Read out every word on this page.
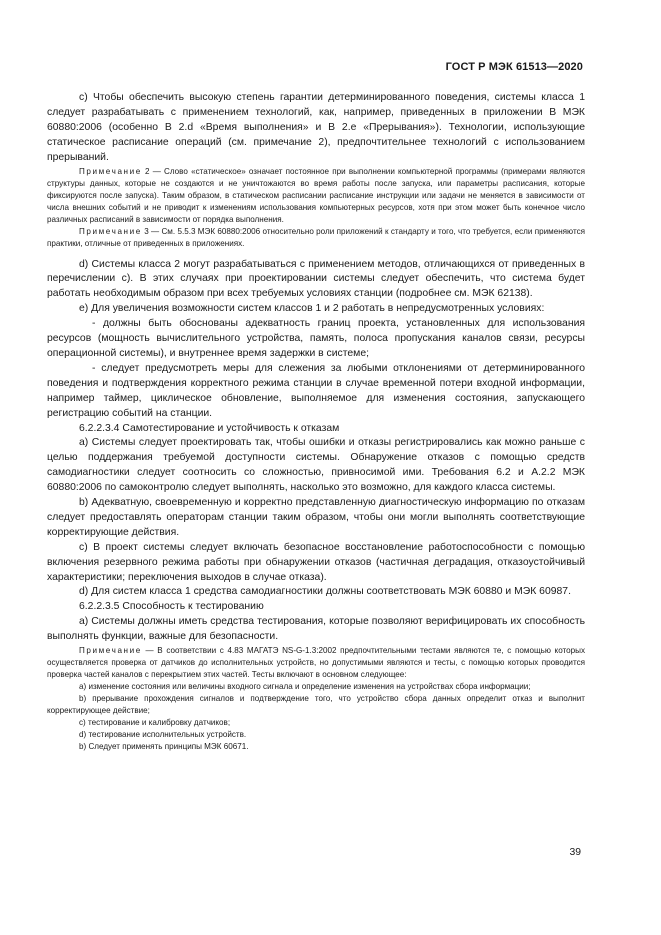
ГОСТ Р МЭК 61513—2020

c) Чтобы обеспечить высокую степень гарантии детерминированного поведения, системы класса 1 следует разрабатывать с применением технологий, как, например, приведенных в приложении В МЭК 60880:2006 (особенно В 2.d «Время выполнения» и В 2.e «Прерывания»). Технологии, использующие статическое расписание операций (см. примечание 2), предпочтительнее технологий с использованием прерываний.

Примечание 2 — Слово «статическое» означает постоянное при выполнении компьютерной программы (примерами являются структуры данных, которые не создаются и не уничтожаются во время работы после запуска, или параметры расписания, которые фиксируются после запуска). Таким образом, в статическом расписании расписание инструкции или задачи не меняется в зависимости от числа внешних событий и не приводит к изменениям использования компьютерных ресурсов, хотя при этом может быть конечное число различных расписаний в зависимости от порядка выполнения.

Примечание 3 — См. 5.5.3 МЭК 60880:2006 относительно роли приложений к стандарту и того, что требуется, если применяются практики, отличные от приведенных в приложениях.

d) Системы класса 2 могут разрабатываться с применением методов, отличающихся от приведенных в перечислении с). В этих случаях при проектировании системы следует обеспечить, что система будет работать необходимым образом при всех требуемых условиях станции (подробнее см. МЭК 62138).

е) Для увеличения возможности систем классов 1 и 2 работать в непредусмотренных условиях:

- должны быть обоснованы адекватность границ проекта, установленных для использования ресурсов (мощность вычислительного устройства, память, полоса пропускания каналов связи, ресурсы операционной системы), и внутреннее время задержки в системе;

- следует предусмотреть меры для слежения за любыми отклонениями от детерминированного поведения и подтверждения корректного режима станции в случае временной потери входной информации, например таймер, циклическое обновление, выполняемое для изменения состояния, запускающего регистрацию событий на станции.

6.2.2.3.4 Самотестирование и устойчивость к отказам

а) Системы следует проектировать так, чтобы ошибки и отказы регистрировались как можно раньше с целью поддержания требуемой доступности системы. Обнаружение отказов с помощью средств самодиагностики следует соотносить со сложностью, привносимой ими. Требования 6.2 и А.2.2 МЭК 60880:2006 по самоконтролю следует выполнять, насколько это возможно, для каждого класса системы.

b) Адекватную, своевременную и корректно представленную диагностическую информацию по отказам следует предоставлять операторам станции таким образом, чтобы они могли выполнять соответствующие корректирующие действия.

с) В проект системы следует включать безопасное восстановление работоспособности с помощью включения резервного режима работы при обнаружении отказов (частичная деградация, отказоустойчивый характеристики; переключения выходов в случае отказа).

d) Для систем класса 1 средства самодиагностики должны соответствовать МЭК 60880 и МЭК 60987.

6.2.2.3.5 Способность к тестированию

а) Системы должны иметь средства тестирования, которые позволяют верифицировать их способность выполнять функции, важные для безопасности.

Примечание — В соответствии с 4.83 МАГАТЭ NS-G-1.3:2002 предпочтительными тестами являются те, с помощью которых осуществляется проверка от датчиков до исполнительных устройств, но допустимыми являются и тесты, с помощью которых проводится проверка частей каналов с перекрытием этих частей. Тесты включают в основном следующее:

a) изменение состояния или величины входного сигнала и определение изменения на устройствах сбора информации;

b) прерывание прохождения сигналов и подтверждение того, что устройство сбора данных определит отказ и выполнит корректирующее действие;

c) тестирование и калибровку датчиков;

d) тестирование исполнительных устройств.

b) Следует применять принципы МЭК 60671.

39
